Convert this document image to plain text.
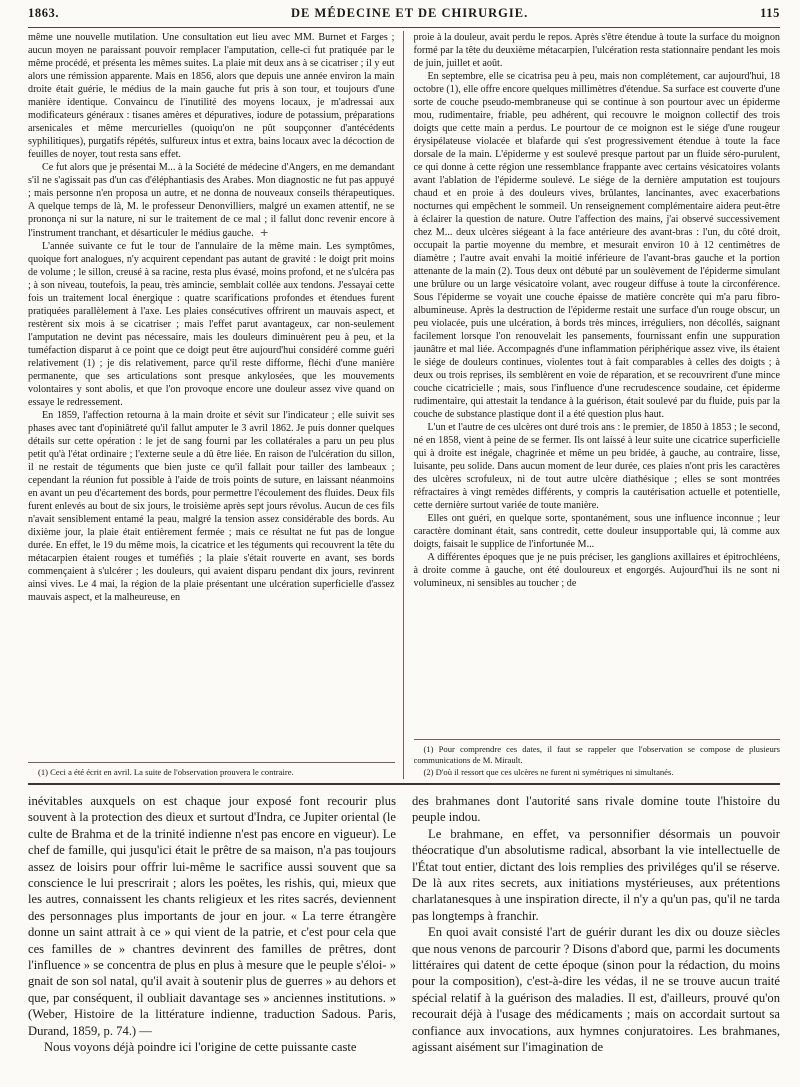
1863.	DE MÉDECINE ET DE CHIRURGIE.	115

même une nouvelle mutilation. Une consultation eut lieu avec MM. Burnet et Farges ; aucun moyen ne paraissant pouvoir remplacer l'amputation, celle-ci fut pratiquée par le même procédé, et présenta les mêmes suites. La plaie mit deux ans à se cicatriser ; il y eut alors une rémission apparente. Mais en 1856, alors que depuis une année environ la main droite était guérie, le médius de la main gauche fut pris à son tour, et toujours d'une manière identique. Convaincu de l'inutilité des moyens locaux, je m'adressai aux modificateurs généraux : tisanes amères et dépuratives, iodure de potassium, préparations arsenicales et même mercurielles (quoiqu'on ne pût soupçonner d'antécédents syphilitiques), purgatifs répétés, sulfureux intus et extra, bains locaux avec la décoction de feuilles de noyer, tout resta sans effet.

Ce fut alors que je présentai M... à la Société de médecine d'Angers, en me demandant s'il ne s'agissait pas d'un cas d'éléphantiasis des Arabes. Mon diagnostic ne fut pas appuyé ; mais personne n'en proposa un autre, et ne donna de nouveaux conseils thérapeutiques. A quelque temps de là, M. le professeur Denonvilliers, malgré un examen attentif, ne se prononça ni sur la nature, ni sur le traitement de ce mal ; il fallut donc revenir encore à l'instrument tranchant, et désarticuler le médius gauche. +

L'année suivante ce fut le tour de l'annulaire de la même main. Les symptômes, quoique fort analogues, n'y acquirent cependant pas autant de gravité : le doigt prit moins de volume ; le sillon, creusé à sa racine, resta plus évasé, moins profond, et ne s'ulcéra pas ; à son niveau, toutefois, la peau, très amincie, semblait collée aux tendons. J'essayai cette fois un traitement local énergique : quatre scarifications profondes et étendues furent pratiquées parallèlement à l'axe. Les plaies consécutives offrirent un mauvais aspect, et restèrent six mois à se cicatriser ; mais l'effet parut avantageux, car non-seulement l'amputation ne devint pas nécessaire, mais les douleurs diminuèrent peu à peu, et la tuméfaction disparut à ce point que ce doigt peut être aujourd'hui considéré comme guéri relativement (1) ; je dis relativement, parce qu'il reste difforme, fléchi d'une manière permanente, que ses articulations sont presque ankylosées, que les mouvements volontaires y sont abolis, et que l'on provoque encore une douleur assez vive quand on essaye le redressement.

En 1859, l'affection retourna à la main droite et sévit sur l'indicateur ; elle suivit ses phases avec tant d'opiniâtreté qu'il fallut amputer le 3 avril 1862. Je puis donner quelques détails sur cette opération : le jet de sang fourni par les collatérales a paru un peu plus petit qu'à l'état ordinaire ; l'externe seule a dû être liée. En raison de l'ulcération du sillon, il ne restait de téguments que bien juste ce qu'il fallait pour tailler des lambeaux ; cependant la réunion fut possible à l'aide de trois points de suture, en laissant néanmoins en avant un peu d'écartement des bords, pour permettre l'écoulement des fluides. Deux fils furent enlevés au bout de six jours, le troisième après sept jours révolus. Aucun de ces fils n'avait sensiblement entamé la peau, malgré la tension assez considérable des bords. Au dixième jour, la plaie était entièrement fermée ; mais ce résultat ne fut pas de longue durée. En effet, le 19 du même mois, la cicatrice et les téguments qui recouvrent la tête du métacarpien étaient rouges et tuméfiés ; la plaie s'était rouverte en avant, ses bords commençaient à s'ulcérer ; les douleurs, qui avaient disparu pendant dix jours, revinrent ainsi vives. Le 4 mai, la région de la plaie présentant une ulcération superficielle d'assez mauvais aspect, et la malheureuse, en

(1) Ceci a été écrit en avril. La suite de l'observation prouvera le contraire.

proie à la douleur, avait perdu le repos. Après s'être étendue à toute la surface du moignon formé par la tête du deuxième métacarpien, l'ulcération resta stationnaire pendant les mois de juin, juillet et août.

En septembre, elle se cicatrisa peu à peu, mais non complétement, car aujourd'hui, 18 octobre (1), elle offre encore quelques millimètres d'étendue. Sa surface est couverte d'une sorte de couche pseudo-membraneuse qui se continue à son pourtour avec un épiderme mou, rudimentaire, friable, peu adhérent, qui recouvre le moignon collectif des trois doigts que cette main a perdus. Le pourtour de ce moignon est le siége d'une rougeur érysipélateuse violacée et blafarde qui s'est progressivement étendue à toute la face dorsale de la main. L'épiderme y est soulevé presque partout par un fluide séro-purulent, ce qui donne à cette région une ressemblance frappante avec certains vésicatoires volants avant l'ablation de l'épiderme soulevé. Le siége de la dernière amputation est toujours chaud et en proie à des douleurs vives, brûlantes, lancinantes, avec exacerbations nocturnes qui empêchent le sommeil. Un renseignement complémentaire aidera peut-être à éclairer la question de nature. Outre l'affection des mains, j'ai observé successivement chez M... deux ulcères siégeant à la face antérieure des avant-bras : l'un, du côté droit, occupait la partie moyenne du membre, et mesurait environ 10 à 12 centimètres de diamètre ; l'autre avait envahi la moitié inférieure de l'avant-bras gauche et la portion attenante de la main (2). Tous deux ont débuté par un soulèvement de l'épiderme simulant une brûlure ou un large vésicatoire volant, avec rougeur diffuse à toute la circonférence. Sous l'épiderme se voyait une couche épaisse de matière concrète qui m'a paru fibro-albumineuse. Après la destruction de l'épiderme restait une surface d'un rouge obscur, un peu violacée, puis une ulcération, à bords très minces, irréguliers, non décollés, saignant facilement lorsque l'on renouvelait les pansements, fournissant enfin une suppuration jaunâtre et mal liée. Accompagnés d'une inflammation périphérique assez vive, ils étaient le siége de douleurs continues, violentes tout à fait comparables à celles des doigts ; à deux ou trois reprises, ils semblèrent en voie de réparation, et se recouvrirent d'une mince couche cicatricielle ; mais, sous l'influence d'une recrudescence soudaine, cet épiderme rudimentaire, qui attestait la tendance à la guérison, était soulevé par du fluide, puis par la couche de substance plastique dont il a été question plus haut.

L'un et l'autre de ces ulcères ont duré trois ans : le premier, de 1850 à 1853 ; le second, né en 1858, vient à peine de se fermer. Ils ont laissé à leur suite une cicatrice superficielle qui à droite est inégale, chagrinée et même un peu bridée, à gauche, au contraire, lisse, luisante, peu solide. Dans aucun moment de leur durée, ces plaies n'ont pris les caractères des ulcères scrofuleux, ni de tout autre ulcère diathésique ; elles se sont montrées réfractaires à vingt remèdes différents, y compris la cautérisation actuelle et potentielle, cette dernière surtout variée de toute manière.

Elles ont guéri, en quelque sorte, spontanément, sous une influence inconnue ; leur caractère dominant était, sans contredit, cette douleur insupportable qui, là comme aux doigts, faisait le supplice de l'infortunée M...

A différentes époques que je ne puis préciser, les ganglions axillaires et épitrochléens, à droite comme à gauche, ont été douloureux et engorgés. Aujourd'hui ils ne sont ni volumineux, ni sensibles au toucher ; de

(1) Pour comprendre ces dates, il faut se rappeler que l'observation se compose de plusieurs communications de M. Mirault.

(2) D'où il ressort que ces ulcères ne furent ni symétriques ni simultanés.

inévitables auxquels on est chaque jour exposé font recourir plus souvent à la protection des dieux et surtout d'Indra, ce Jupiter oriental (le culte de Brahma et de la trinité indienne n'est pas encore en vigueur). Le chef de famille, qui jusqu'ici était le prêtre de sa maison, n'a pas toujours assez de loisirs pour offrir lui-même le sacrifice aussi souvent que sa conscience le lui prescrirait ; alors les poëtes, les rishis, qui, mieux que les autres, connaissent les chants religieux et les rites sacrés, deviennent des personnages plus importants de jour en jour. « La terre étrangère donne un saint attrait à ce » qui vient de la patrie, et c'est pour cela que ces familles de » chantres devinrent des familles de prêtres, dont l'influence » se concentra de plus en plus à mesure que le peuple s'éloi- » gnait de son sol natal, qu'il avait à soutenir plus de guerres » au dehors et que, par conséquent, il oubliait davantage ses » anciennes institutions. » (Weber, Histoire de la littérature indienne, traduction Sadous. Paris, Durand, 1859, p. 74.) —

Nous voyons déjà poindre ici l'origine de cette puissante caste

des brahmanes dont l'autorité sans rivale domine toute l'histoire du peuple indou.

Le brahmane, en effet, va personnifier désormais un pouvoir théocratique d'un absolutisme radical, absorbant la vie intellectuelle de l'État tout entier, dictant des lois remplies des priviléges qu'il se réserve. De là aux rites secrets, aux initiations mystérieuses, aux prétentions charlatanesques à une inspiration directe, il n'y a qu'un pas, qu'il ne tarda pas longtemps à franchir.

En quoi avait consisté l'art de guérir durant les dix ou douze siècles que nous venons de parcourir ? Disons d'abord que, parmi les documents littéraires qui datent de cette époque (sinon pour la rédaction, du moins pour la composition), c'est-à-dire les védas, il ne se trouve aucun traité spécial relatif à la guérison des maladies. Il est, d'ailleurs, prouvé qu'on recourait déjà à l'usage des médicaments ; mais on accordait surtout sa confiance aux invocations, aux hymnes conjuratoires. Les brahmanes, agissant aisément sur l'imagination de
